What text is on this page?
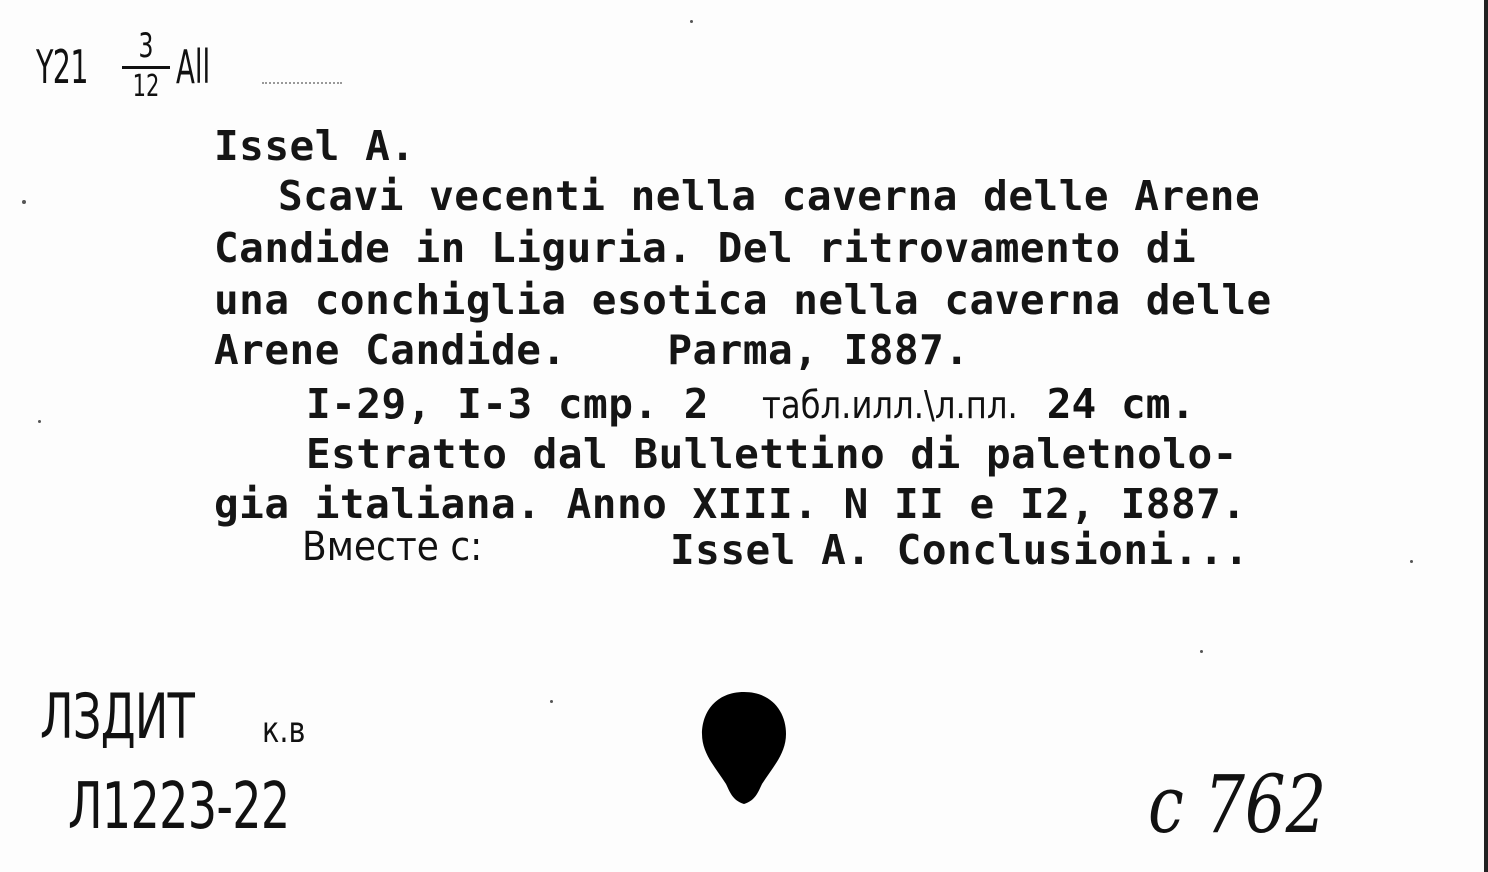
Y21 3
12 All
Issel A.
Scavi vecenti nella caverna delle Arene
Candide in Liguria. Del ritrovamento di
una conchiglia esotica nella caverna delle
Arene Candide.    Parma, I887.
I-29, I-3 cmp. 2 табл.илл.\л.пл. 24 cm.
Estratto dal Bullettino di paletnolo-
gia italiana. Anno XIII. N II e I2, I887.
Вместе с:	Issel A. Conclusioni...
ЛЗДИТ к.в
Л1223-22	c 762
